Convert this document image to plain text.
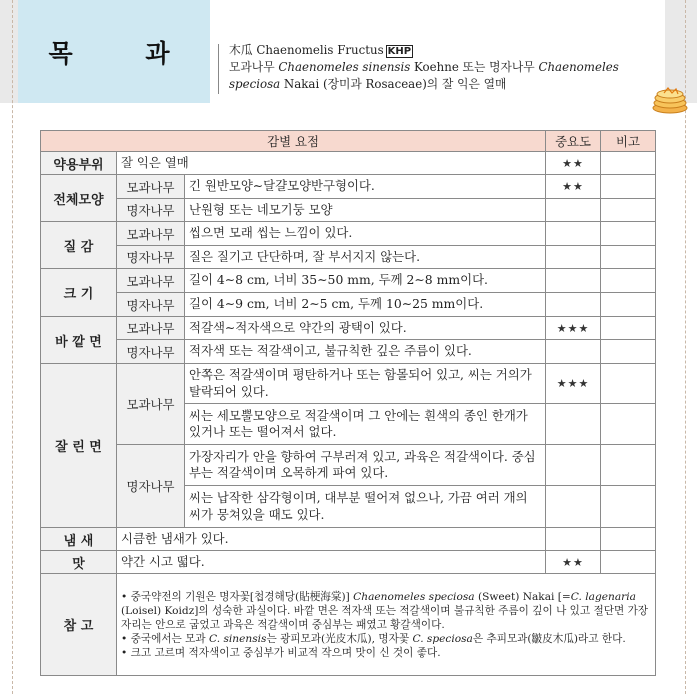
목 과 木瓜 Chaenomelis Fructus KHP
모과나무 Chaenomeles sinensis Koehne 또는 명자나무 Chaenomeles
speciosa Nakai (장미과 Rosaceae)의 잘 익은 열매
감별 요점			중요도	비고
약용부위	잘 익은 열매		★★	
전체모양	모과나무	긴 원반모양∼달걀모양반구형이다.	★★	
	명자나무	난원형 또는 네모기둥 모양		
질 감	모과나무	씹으면 모래 씹는 느낌이 있다.		
	명자나무	질은 질기고 단단하며, 잘 부서지지 않는다.		
크 기	모과나무	길이 4∼8 cm, 너비 35∼50 mm, 두께 2∼8 mm이다.		
	명자나무	길이 4∼9 cm, 너비 2∼5 cm, 두께 10∼25 mm이다.		
바 깥 면	모과나무	적갈색∼적자색으로 약간의 광택이 있다.	★★★	
	명자나무	적자색 또는 적갈색이고, 불규칙한 깊은 주름이 있다.		
잘 린 면	모과나무	안쪽은 적갈색이며 평탄하거나 또는 함몰되어 있고, 씨는 거의가 탈락되어 있다.	★★★	
		씨는 세모뿔모양으로 적갈색이며 그 안에는 흰색의 종인 한개가 있거나 또는 떨어져서 없다.		
	명자나무	가장자리가 안을 향하여 구부러져 있고, 과육은 적갈색이다. 중심부는 적갈색이며 오목하게 파여 있다.		
		씨는 납작한 삼각형이며, 대부분 떨어져 없으나, 가끔 여러 개의 씨가 뭉쳐있을 때도 있다.		
냄 새	시큼한 냄새가 있다.			
맛	약간 시고 떫다.		★★	
참 고	• 중국약전의 기원은 명자꽃[첩경해당(貼梗海棠)] Chaenomeles speciosa (Sweet) Nakai [=C. lagenaria (Loisel) Koidz]의 성숙한 과실이다. 바깥 면은 적자색 또는 적갈색이며 불규칙한 주름이 깊이 나 있고 절단면 가장자리는 안으로 굽었고 과육은 적갈색이며 중심부는 패였고 황갈색이다.
• 중국에서는 모과 C. sinensis는 광피모과(光皮木瓜), 명자꽃 C. speciosa은 추피모과(皺皮木瓜)라고 한다.
• 크고 고르며 적자색이고 중심부가 비교적 작으며 맛이 신 것이 좋다.			
